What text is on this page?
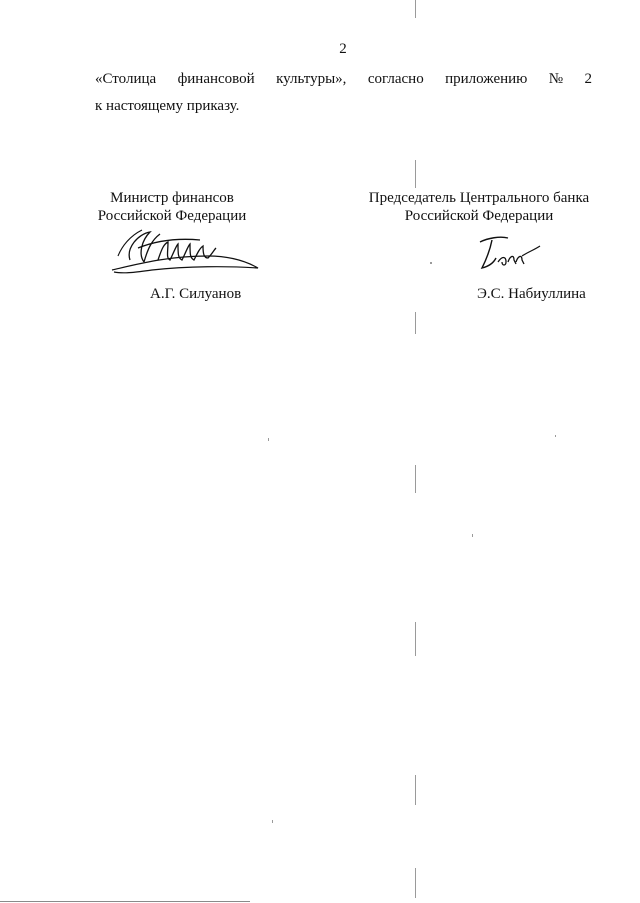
2
«Столица финансовой культуры», согласно приложению № 2
к настоящему приказу.
Министр финансов
Российской Федерации
Председатель Центрального банка
Российской Федерации
А.Г. Силуанов	Э.С. Набиуллина
